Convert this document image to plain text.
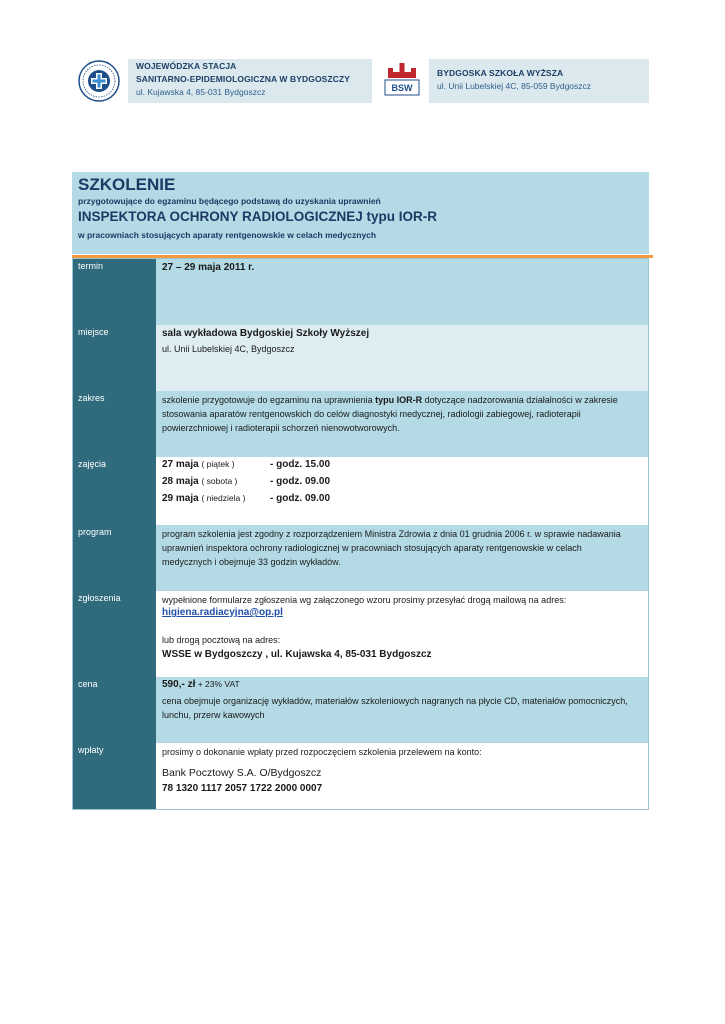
WOJEWÓDZKA STACJA
SANITARNO-EPIDEMIOLOGICZNA W BYDGOSZCZY
ul. Kujawska 4, 85-031 Bydgoszcz	BSW
BYDGOSKA SZKOŁA WYŻSZA
ul. Unii Lubelskiej 4C, 85-059 Bydgoszcz
SZKOLENIE
przygotowujące do egzaminu będącego podstawą do uzyskania uprawnień
INSPEKTORA OCHRONY RADIOLOGICZNEJ typu IOR-R
w pracowniach stosujących aparaty rentgenowskie w celach medycznych
termin	27 – 29 maja 2011 r.
miejsce	sala wykładowa Bydgoskiej Szkoły Wyższej
ul. Unii Lubelskiej 4C, Bydgoszcz
zakres	szkolenie przygotowuje do egzaminu na uprawnienia typu IOR-R dotyczące nadzorowania działalności w zakresie stosowania aparatów rentgenowskich do celów diagnostyki medycznej, radiologii zabiegowej, radioterapii powierzchniowej i radioterapii schorzeń nienowotworowych.

zajęcia	27 maja ( piątek )	- godz. 15.00
28 maja ( sobota )	- godz. 09.00
29 maja ( niedziela ) - godz. 09.00
program	program szkolenia jest zgodny z rozporządzeniem Ministra Zdrowia z dnia 01 grudnia 2006 r. w sprawie nadawania uprawnień inspektora ochrony radiologicznej w pracowniach stosujących aparaty rentgenowskie w celach medycznych i obejmuje 33 godzin wykładów.

zgłoszenia	wypełnione formularze zgłoszenia wg załączonego wzoru prosimy przesyłać drogą mailową na adres:
higiena.radiacyjna@op.pl
lub drogą pocztową na adres:
WSSE w Bydgoszczy , ul. Kujawska 4, 85-031 Bydgoszcz
cena	590,- zł + 23% VAT

cena obejmuje organizację wykładów, materiałów szkoleniowych nagranych na płycie CD, materiałów pomocniczych, lunchu, przerw kawowych

wpłaty	prosimy o dokonanie wpłaty przed rozpoczęciem szkolenia przelewem na konto:
Bank Pocztowy S.A. O/Bydgoszcz
78 1320 1117 2057 1722 2000 0007
